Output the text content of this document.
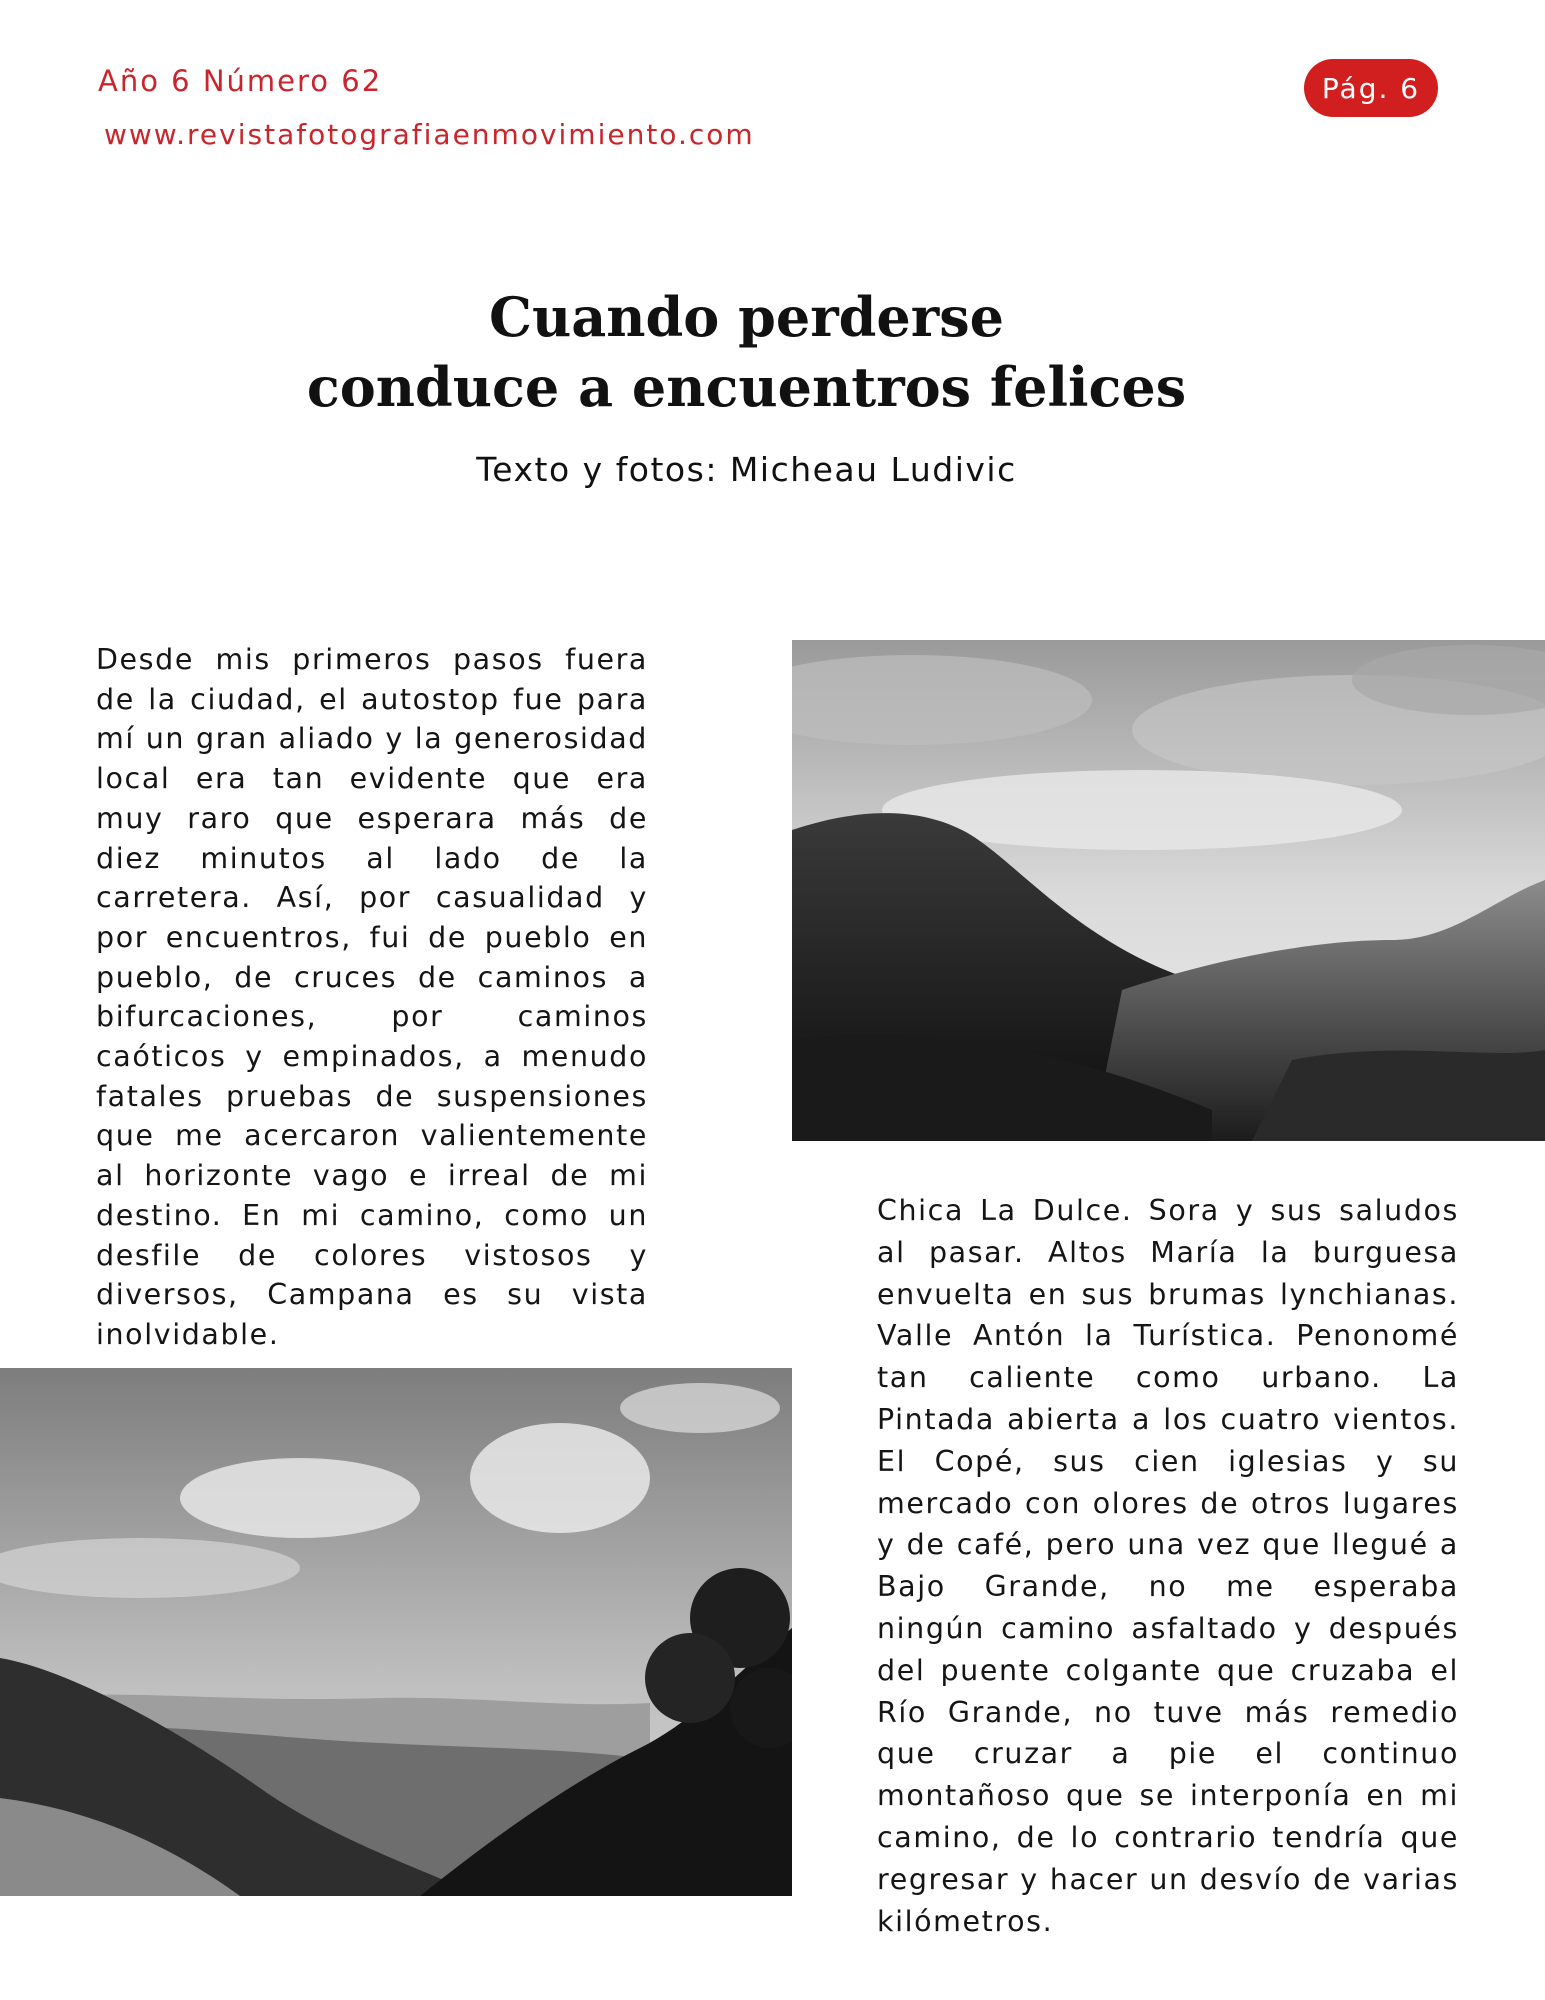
Año 6 Número 62
www.revistafotografiaenmovimiento.com
Pág. 6
Cuando perderse
conduce a encuentros felices
Texto y fotos: Micheau Ludivic

Desde mis primeros pasos fuera de la ciudad, el autostop fue para mí un gran aliado y la generosidad local era tan evidente que era muy raro que esperara más de diez minutos al lado de la carretera. Así, por casualidad y por encuentros, fui de pueblo en pueblo, de cruces de caminos a bifurcaciones, por caminos caóticos y empinados, a menudo fatales pruebas de suspensiones que me acercaron valientemente al horizonte vago e irreal de mi destino. En mi camino, como un desfile de colores vistosos y diversos, Campana es su vista inolvidable.

Chica La Dulce. Sora y sus saludos al pasar. Altos María la burguesa envuelta en sus brumas lynchianas. Valle Antón la Turística. Penonomé tan caliente como urbano. La Pintada abierta a los cuatro vientos. El Copé, sus cien iglesias y su mercado con olores de otros lugares y de café, pero una vez que llegué a Bajo Grande, no me esperaba ningún camino asfaltado y después del puente colgante que cruzaba el Río Grande, no tuve más remedio que cruzar a pie el continuo montañoso que se interponía en mi camino, de lo contrario tendría que regresar y hacer un desvío de varias kilómetros.
